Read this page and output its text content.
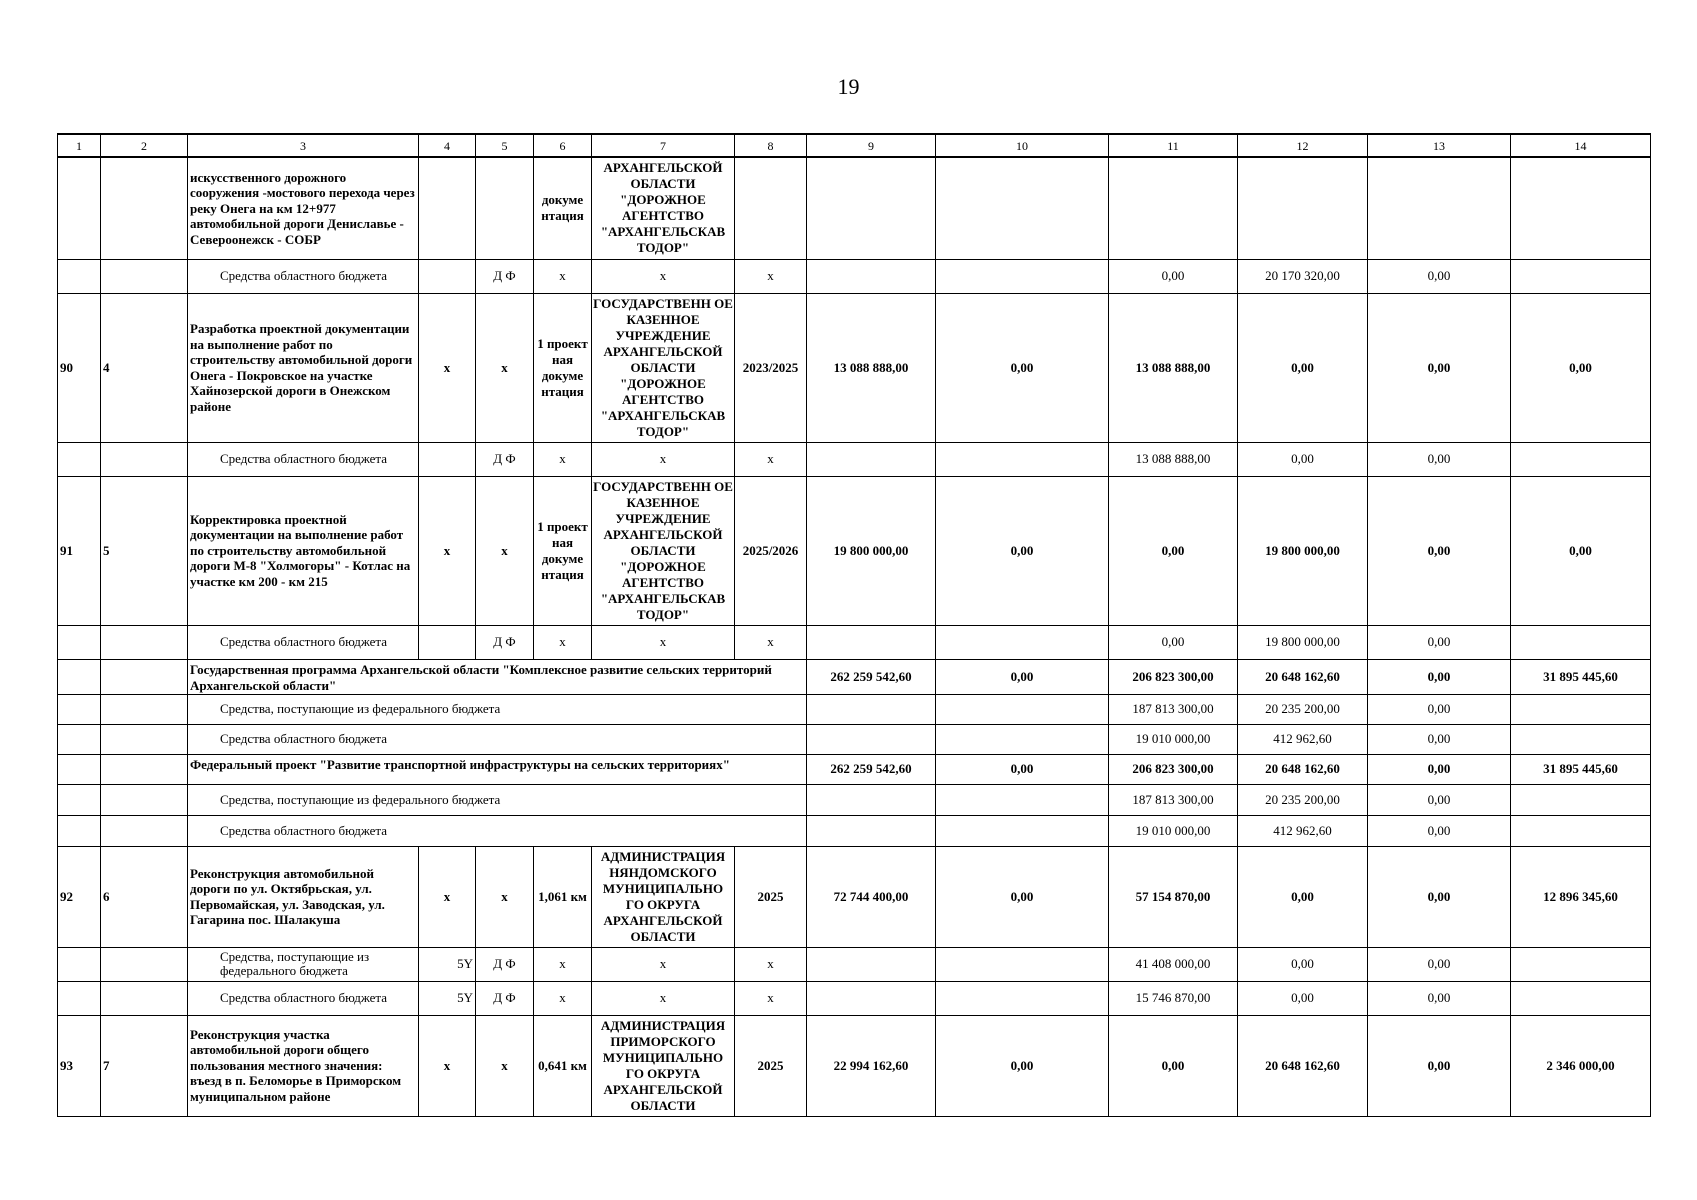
19
1	2	3	4	5	6	7	8	9	10	11	12	13	14
		искусственного дорожного сооружения -мостового перехода через реку Онега на км 12+977 автомобильной дороги Дениславье - Североонежск - СОБР			докуме нтация	АРХАНГЕЛЬСКОЙ ОБЛАСТИ "ДОРОЖНОЕ АГЕНТСТВО "АРХАНГЕЛЬСКАВ ТОДОР"							
		Средства областного бюджета		Д Ф	х	х	х			0,00	20 170 320,00	0,00	
90	4	Разработка проектной документации на выполнение работ по строительству автомобильной дороги Онега - Покровское на участке Хайнозерской дороги в Онежском районе	х	х	1 проект ная докуме нтация	ГОСУДАРСТВЕНН ОЕ КАЗЕННОЕ УЧРЕЖДЕНИЕ АРХАНГЕЛЬСКОЙ ОБЛАСТИ "ДОРОЖНОЕ АГЕНТСТВО "АРХАНГЕЛЬСКАВ ТОДОР"	2023/2025	13 088 888,00	0,00	13 088 888,00	0,00	0,00	0,00
		Средства областного бюджета		Д Ф	х	х	х			13 088 888,00	0,00	0,00	
91	5	Корректировка проектной документации на выполнение работ по строительству автомобильной дороги М-8 "Холмогоры" - Котлас на участке км 200 - км 215	х	х	1 проект ная докуме нтация	ГОСУДАРСТВЕНН ОЕ КАЗЕННОЕ УЧРЕЖДЕНИЕ АРХАНГЕЛЬСКОЙ ОБЛАСТИ "ДОРОЖНОЕ АГЕНТСТВО "АРХАНГЕЛЬСКАВ ТОДОР"	2025/2026	19 800 000,00	0,00	0,00	19 800 000,00	0,00	0,00
		Средства областного бюджета		Д Ф	х	х	х			0,00	19 800 000,00	0,00	
		Государственная программа Архангельской области "Комплексное развитие сельских территорий Архангельской области"						262 259 542,60	0,00	206 823 300,00	20 648 162,60	0,00	31 895 445,60
		Средства, поступающие из федерального бюджета								187 813 300,00	20 235 200,00	0,00	
		Средства областного бюджета								19 010 000,00	412 962,60	0,00	
		Федеральный проект "Развитие транспортной инфраструктуры на сельских территориях"						262 259 542,60	0,00	206 823 300,00	20 648 162,60	0,00	31 895 445,60
		Средства, поступающие из федерального бюджета								187 813 300,00	20 235 200,00	0,00	
		Средства областного бюджета								19 010 000,00	412 962,60	0,00	
92	6	Реконструкция автомобильной дороги по ул. Октябрьская, ул. Первомайская, ул. Заводская, ул. Гагарина пос. Шалакуша	х	х	1,061 км	АДМИНИСТРАЦИЯ НЯНДОМСКОГО МУНИЦИПАЛЬНО ГО ОКРУГА АРХАНГЕЛЬСКОЙ ОБЛАСТИ	2025	72 744 400,00	0,00	57 154 870,00	0,00	0,00	12 896 345,60
		Средства, поступающие из федерального бюджета	5Y	Д Ф	х	х	х			41 408 000,00	0,00	0,00	
		Средства областного бюджета	5Y	Д Ф	х	х	х			15 746 870,00	0,00	0,00	
93	7	Реконструкция участка автомобильной дороги общего пользования местного значения: въезд в п. Беломорье в Приморском муниципальном районе	х	х	0,641 км	АДМИНИСТРАЦИЯ ПРИМОРСКОГО МУНИЦИПАЛЬНО ГО ОКРУГА АРХАНГЕЛЬСКОЙ ОБЛАСТИ	2025	22 994 162,60	0,00	0,00	20 648 162,60	0,00	2 346 000,00
